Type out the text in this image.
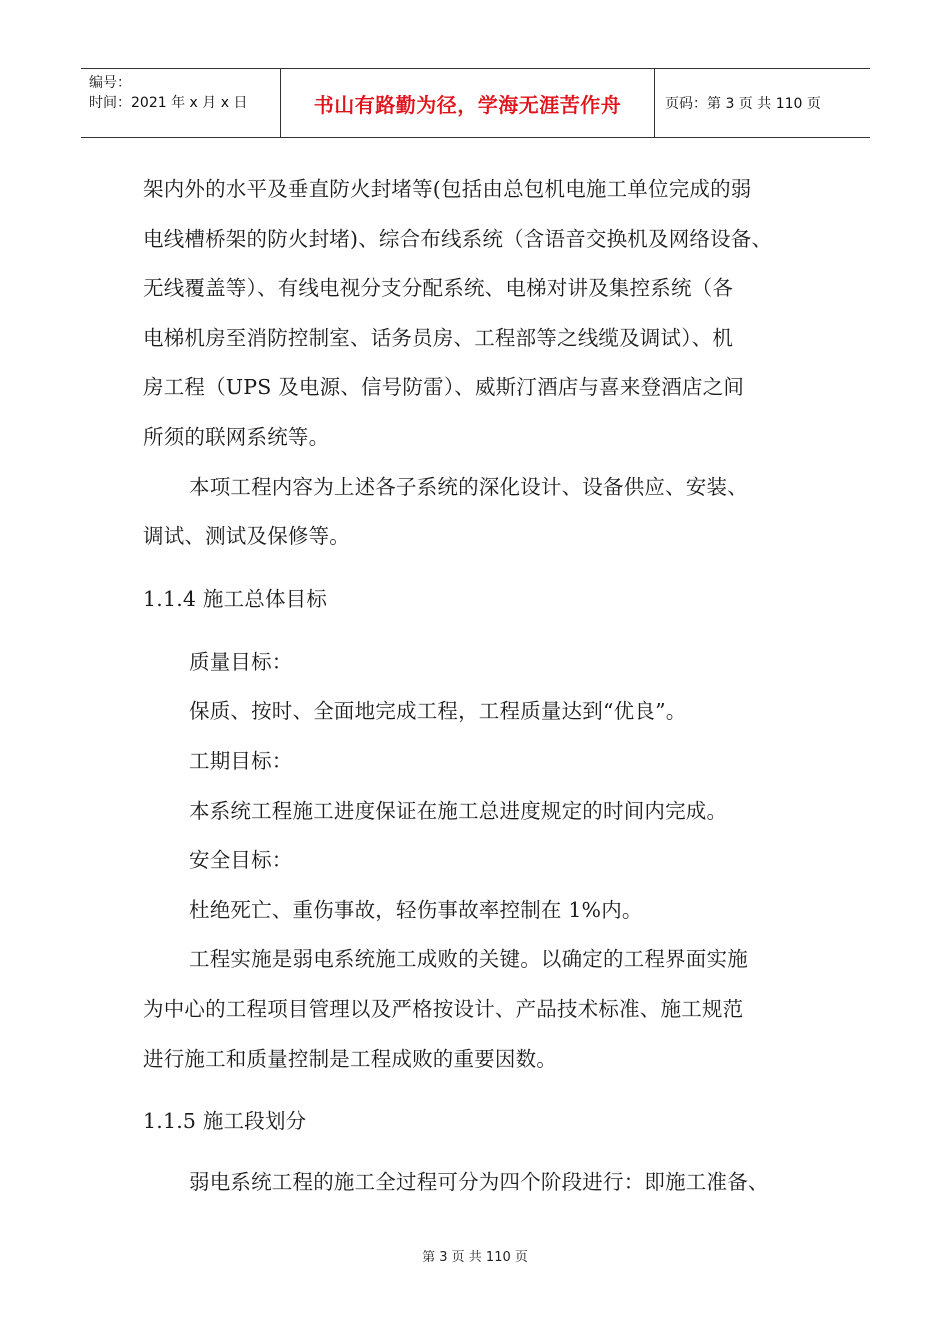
编号：
时间：2021 年 x 月 x 日	书山有路勤为径，学海无涯苦作舟	页码：第 3 页 共 110 页
架内外的水平及垂直防火封堵等(包括由总包机电施工单位完成的弱
电线槽桥架的防火封堵)、综合布线系统（含语音交换机及网络设备、
无线覆盖等）、有线电视分支分配系统、电梯对讲及集控系统（各
电梯机房至消防控制室、话务员房、工程部等之线缆及调试）、机
房工程（UPS 及电源、信号防雷）、威斯汀酒店与喜来登酒店之间
所须的联网系统等。
本项工程内容为上述各子系统的深化设计、设备供应、安装、
调试、测试及保修等。
1.1.4 施工总体目标
质量目标：
保质、按时、全面地完成工程，工程质量达到“优良”。
工期目标：
本系统工程施工进度保证在施工总进度规定的时间内完成。
安全目标：
杜绝死亡、重伤事故，轻伤事故率控制在 1%内。
工程实施是弱电系统施工成败的关键。以确定的工程界面实施
为中心的工程项目管理以及严格按设计、产品技术标准、施工规范
进行施工和质量控制是工程成败的重要因数。
1.1.5 施工段划分
弱电系统工程的施工全过程可分为四个阶段进行：即施工准备、
第 3 页 共 110 页
